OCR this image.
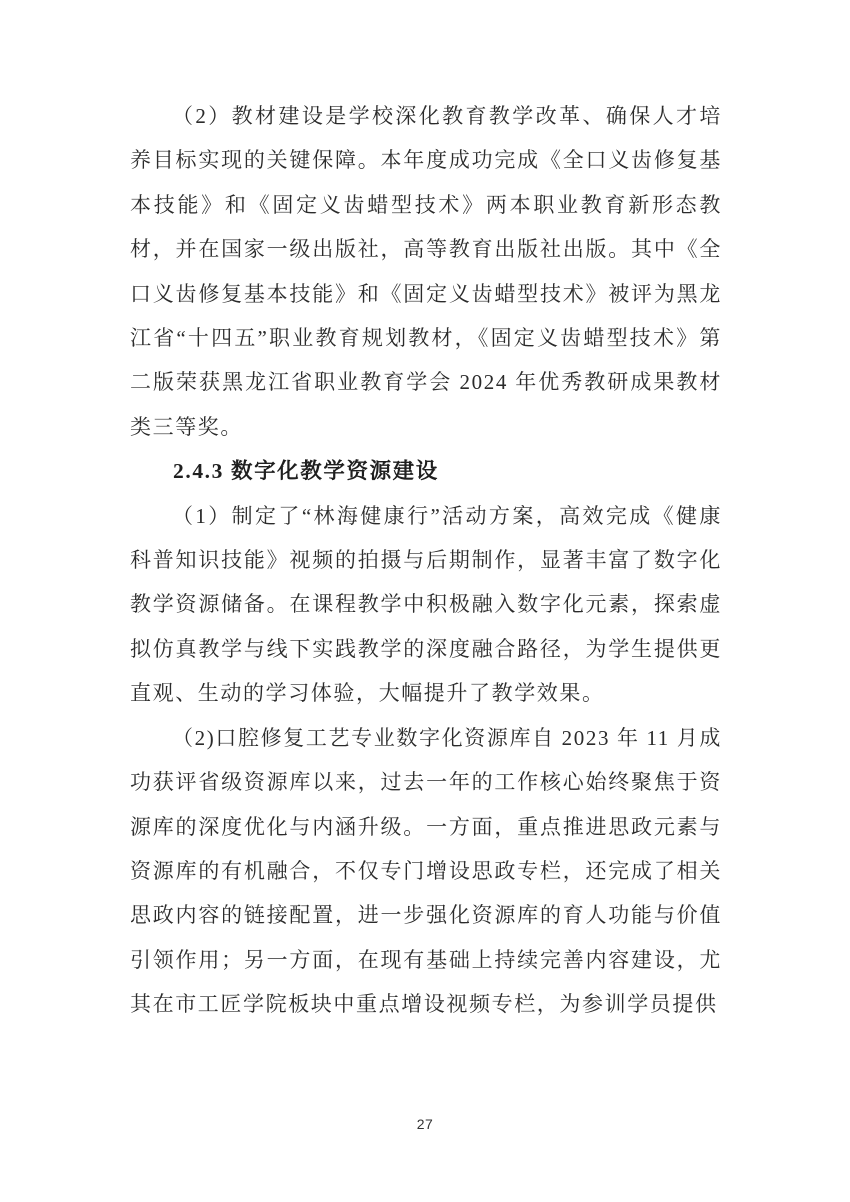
（2）教材建设是学校深化教育教学改革、确保人才培养目标实现的关键保障。本年度成功完成《全口义齿修复基本技能》和《固定义齿蜡型技术》两本职业教育新形态教材，并在国家一级出版社，高等教育出版社出版。其中《全口义齿修复基本技能》和《固定义齿蜡型技术》被评为黑龙江省“十四五”职业教育规划教材，《固定义齿蜡型技术》第二版荣获黑龙江省职业教育学会 2024 年优秀教研成果教材类三等奖。

2.4.3 数字化教学资源建设

（1）制定了“林海健康行”活动方案，高效完成《健康科普知识技能》视频的拍摄与后期制作，显著丰富了数字化教学资源储备。在课程教学中积极融入数字化元素，探索虚拟仿真教学与线下实践教学的深度融合路径，为学生提供更直观、生动的学习体验，大幅提升了教学效果。

（2)口腔修复工艺专业数字化资源库自 2023 年 11 月成功获评省级资源库以来，过去一年的工作核心始终聚焦于资源库的深度优化与内涵升级。一方面，重点推进思政元素与资源库的有机融合，不仅专门增设思政专栏，还完成了相关思政内容的链接配置，进一步强化资源库的育人功能与价值引领作用；另一方面，在现有基础上持续完善内容建设，尤其在市工匠学院板块中重点增设视频专栏，为参训学员提供

27
